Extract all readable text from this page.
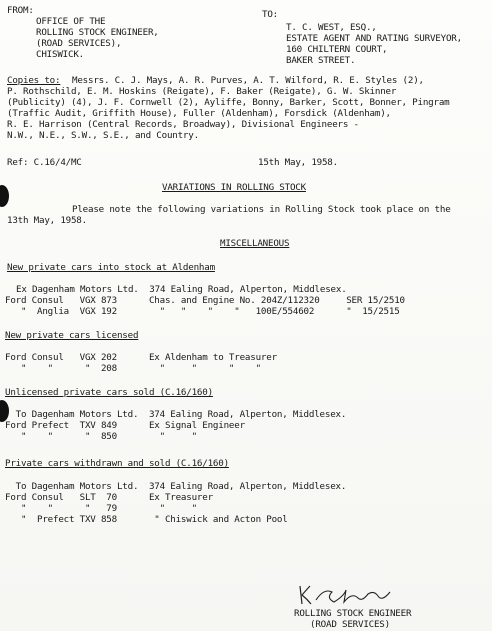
FROM:
OFFICE OF THE
ROLLING STOCK ENGINEER,
(ROAD SERVICES),
CHISWICK.
TO:
T. C. WEST, ESQ.,
ESTATE AGENT AND RATING SURVEYOR,
160 CHILTERN COURT,
BAKER STREET.
Copies to: Messrs. C. J. Mays, A. R. Purves, A. T. Wilford, R. E. Styles (2),
P. Rothschild, E. M. Hoskins (Reigate), F. Baker (Reigate), G. W. Skinner
(Publicity) (4), J. F. Cornwell (2), Ayliffe, Bonny, Barker, Scott, Bonner, Pingram
(Traffic Audit, Griffith House), Fuller (Aldenham), Forsdick (Aldenham),
R. E. Harrison (Central Records, Broadway), Divisional Engineers -
N.W., N.E., S.W., S.E., and Country.
Ref: C.16/4/MC	15th May, 1958.
VARIATIONS IN ROLLING STOCK
Please note the following variations in Rolling Stock took place on the
13th May, 1958.
MISCELLANEOUS
New private cars into stock at Aldenham
Ex Dagenham Motors Ltd.  374 Ealing Road, Alperton, Middlesex.
Ford Consul   VGX 873      Chas. and Engine No. 204Z/112320     SER 15/2510
"  Anglia  VGX 192        "   "    "    "   100E/554602      "  15/2515
New private cars licensed
Ford Consul   VGX 202      Ex Aldenham to Treasurer
"    "      "  208        "     "      "    "
Unlicensed private cars sold (C.16/160)
To Dagenham Motors Ltd.  374 Ealing Road, Alperton, Middlesex.
Ford Prefect  TXV 849      Ex Signal Engineer
"    "      "  850        "     "
Private cars withdrawn and sold (C.16/160)
To Dagenham Motors Ltd.  374 Ealing Road, Alperton, Middlesex.
Ford Consul   SLT  70      Ex Treasurer
"    "      "   79        "     "
"  Prefect TXV 858       " Chiswick and Acton Pool
ROLLING STOCK ENGINEER
(ROAD SERVICES)
